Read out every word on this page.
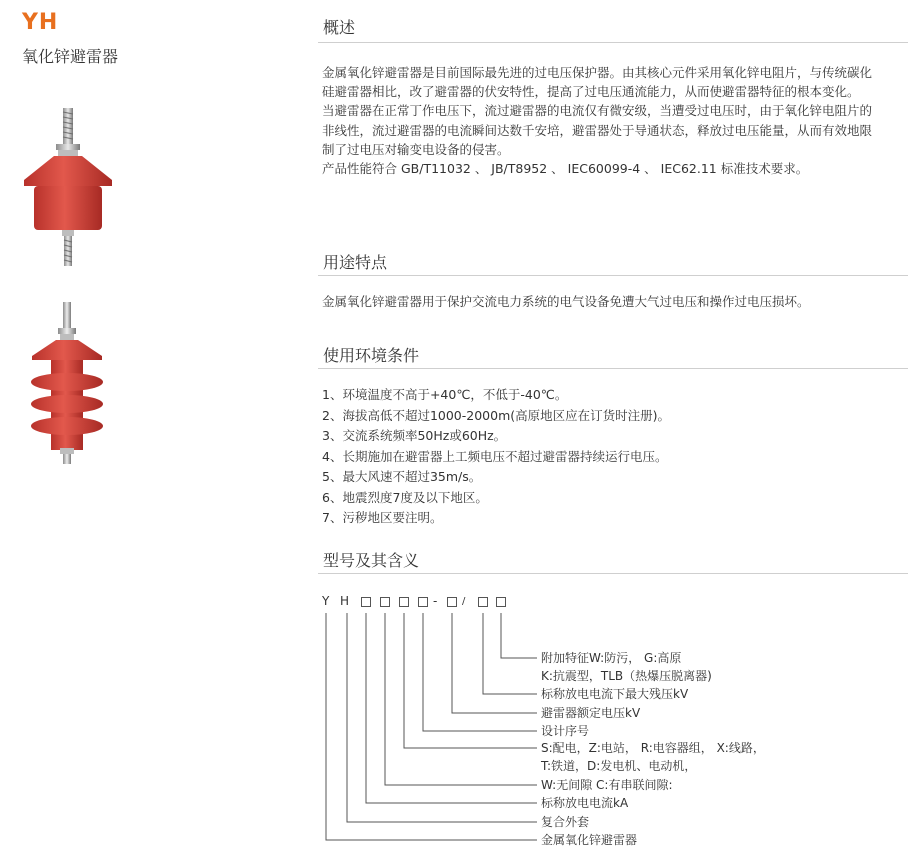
YH
氧化锌避雷器
概述

金属氧化锌避雷器是目前国际最先进的过电压保护器。由其核心元件采用氧化锌电阻片，与传统碳化

硅避雷器相比，改了避雷器的伏安特性，提高了过电压通流能力，从而使避雷器特征的根本变化。

当避雷器在正常丁作电压下，流过避雷器的电流仅有微安级，当遭受过电压时，由于氧化锌电阻片的

非线性，流过避雷器的电流瞬间达数千安培，避雷器处于导通状态，释放过电压能量，从而有效地限

制了过电压对输变电设备的侵害。

产品性能符合 GB/T11032 、 JB/T8952 、 IEC60099-4 、 IEC62.11 标准技术要求。

用途特点

金属氧化锌避雷器用于保护交流电力系统的电气设备免遭大气过电压和操作过电压损坏。

使用环境条件
1、环境温度不高于+40℃，不低于-40℃。
2、海拔高低不超过1000-2000m(高原地区应在订货时注册)。
3、交流系统频率50Hz或60Hz。
4、长期施加在避雷器上工频电压不超过避雷器持续运行电压。
5、最大风速不超过35m/s。
6、地震烈度7度及以下地区。
7、污秽地区要注明。
型号及其含义
Y H	- /
附加特征W:防污， G:高原
K:抗震型，TLB（热爆压脱离器)
标称放电电流下最大残压kV
避雷器额定电压kV
设计序号
S:配电，Z:电站， R:电容器组， X:线路，
T:铁道，D:发电机、电动机，
W:无间隙 C:有串联间隙:
标称放电电流kA
复合外套
金属氧化锌避雷器
